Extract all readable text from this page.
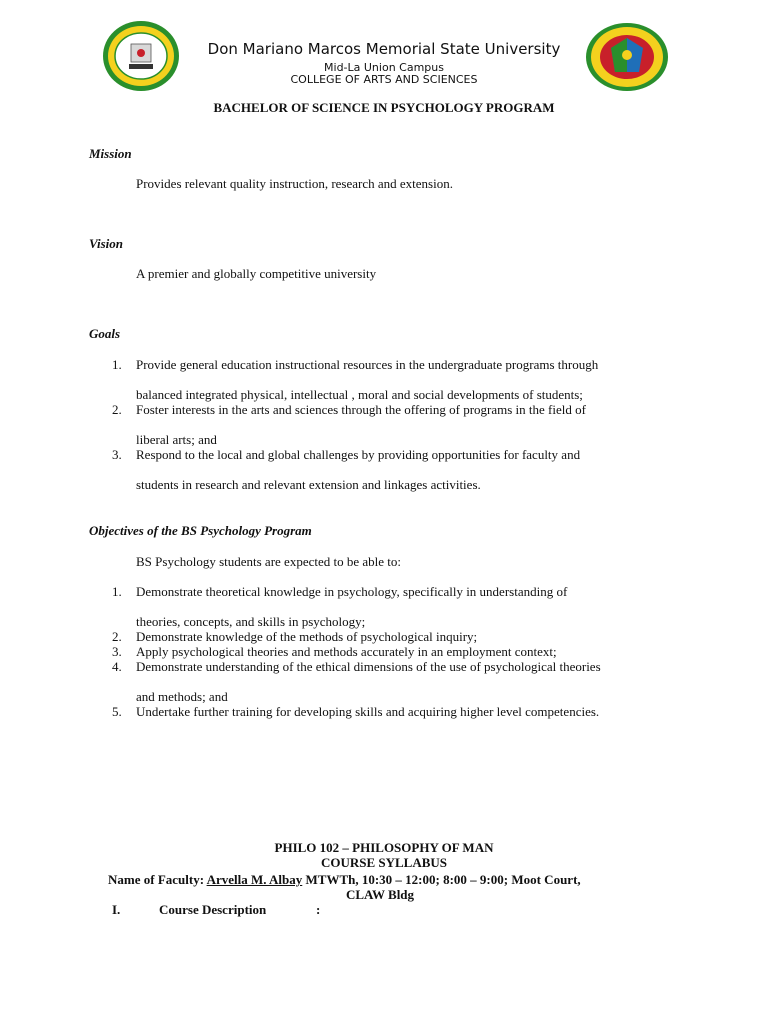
Don Mariano Marcos Memorial State University
Mid-La Union Campus
COLLEGE OF ARTS AND SCIENCES
BACHELOR OF SCIENCE IN PSYCHOLOGY PROGRAM
Mission
Provides relevant quality instruction, research and extension.
Vision
A premier and globally competitive university
Goals
1. Provide general education instructional resources in the undergraduate programs through
balanced integrated physical, intellectual , moral and social developments of students;
2. Foster interests in the arts and sciences through the offering of programs in the field of
liberal arts; and
3. Respond to the local and global challenges by providing opportunities for faculty and
students in research and relevant extension and linkages activities.
Objectives of the BS Psychology Program
BS Psychology students are expected to be able to:
1. Demonstrate theoretical knowledge in psychology, specifically in understanding of
theories, concepts, and skills in psychology;
2. Demonstrate knowledge of the methods of psychological inquiry;
3. Apply psychological theories and methods accurately in an employment context;
4. Demonstrate understanding of the ethical dimensions of the use of psychological theories
and methods; and
5. Undertake further training for developing skills and acquiring higher level competencies.
PHILO 102 – PHILOSOPHY OF MAN
COURSE SYLLABUS
Name of Faculty: Arvella M. Albay MTWTh, 10:30 – 12:00; 8:00 – 9:00; Moot Court,
CLAW Bldg
I.	Course Description	:
